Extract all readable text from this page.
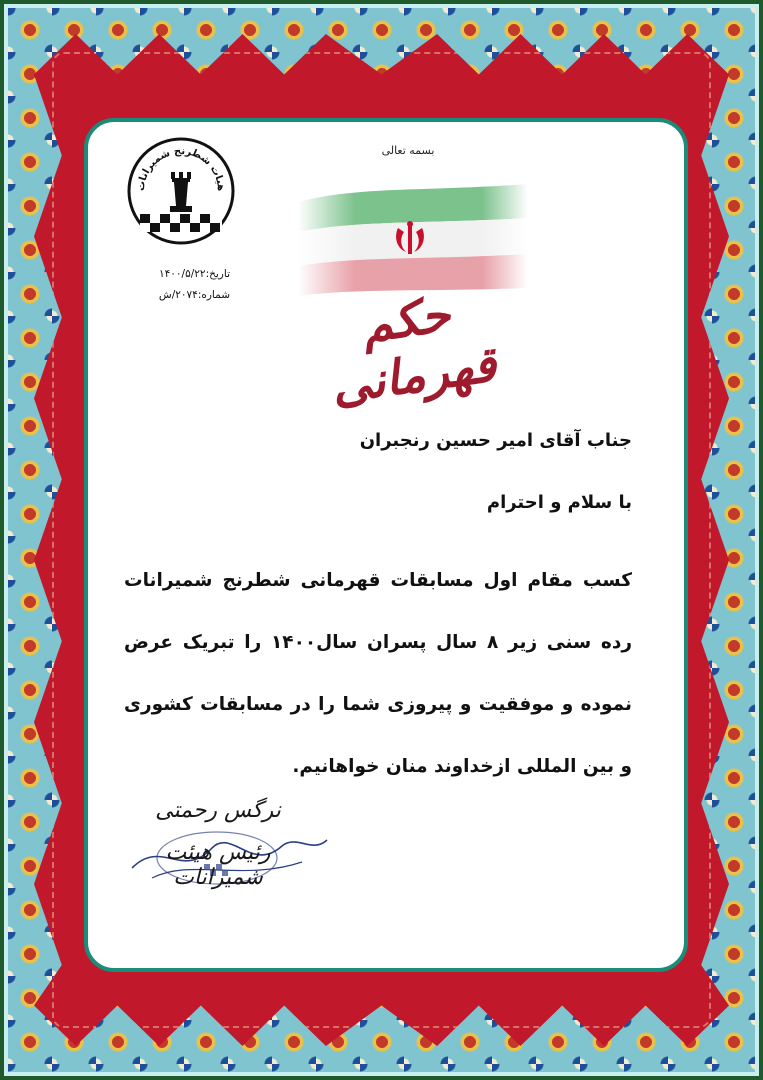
بسمه تعالی
هیات شطرنج شمیرانات
تاریخ:۱۴۰۰/۵/۲۲
شماره:۲۰۷۴/ش	حکم قهرمانی
جناب آقای امیر حسین رنجبران
با سلام و احترام
کسب مقام اول مسابقات قهرمانی شطرنج شمیرانات رده سنی زیر ۸ سال پسران سال۱۴۰۰ را تبریک عرض نموده و موفقیت و پیروزی شما را در مسابقات کشوری و بین المللی ازخداوند منان خواهانیم.
نرگس رحمتی
رئیس هیئت شمیرانات
